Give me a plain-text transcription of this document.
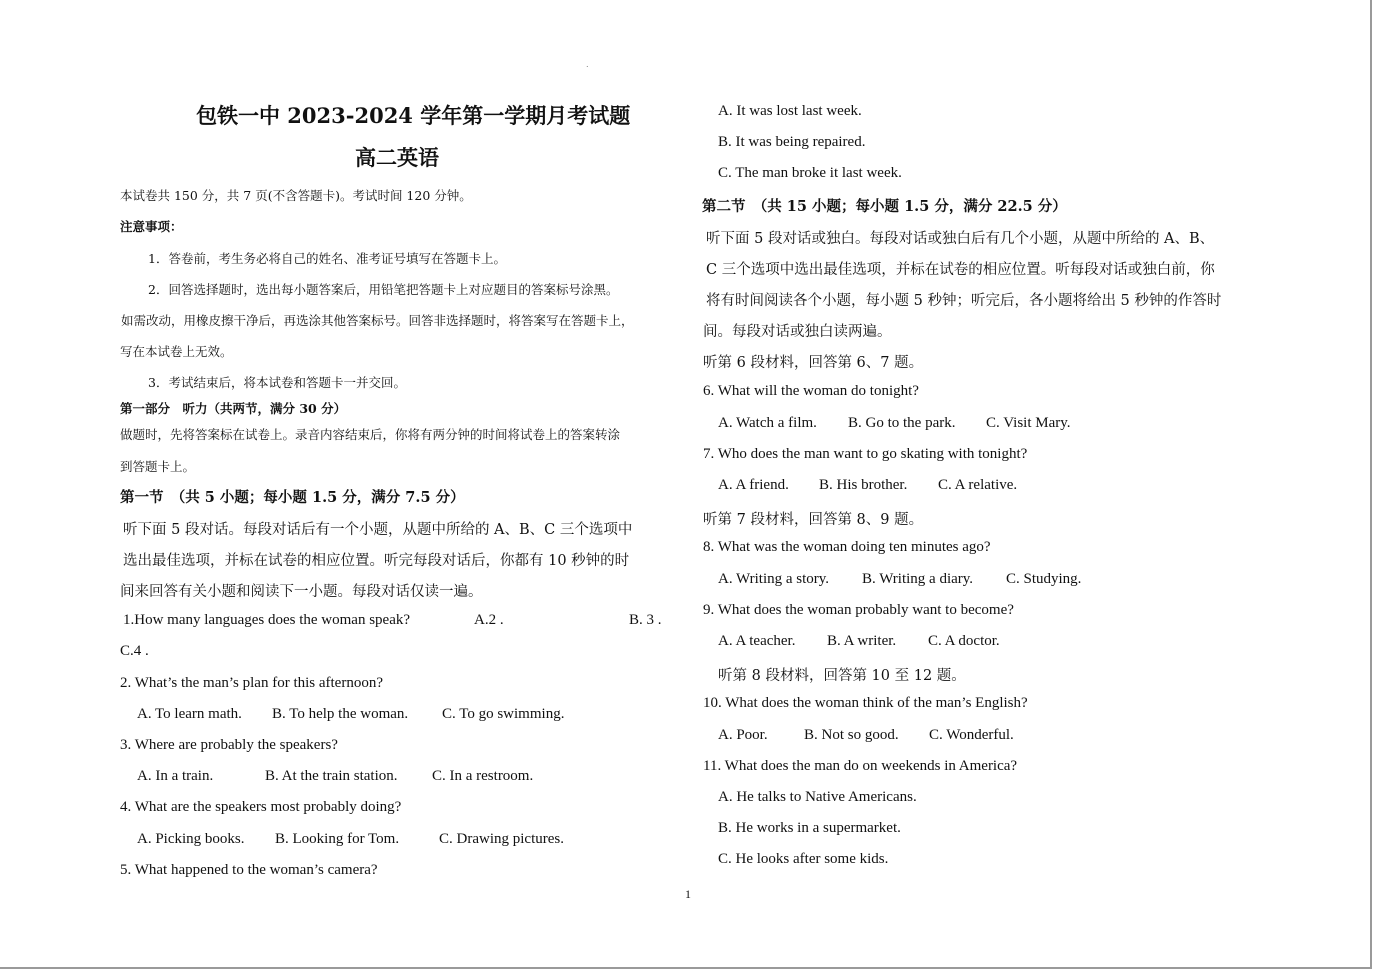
.
包铁一中 2023-2024 学年第一学期月考试题
高二英语
本试卷共 150 分，共 7 页(不含答题卡)。考试时间 120 分钟。
注意事项：
1．答卷前，考生务必将自己的姓名、准考证号填写在答题卡上。
2．回答选择题时，选出每小题答案后，用铅笔把答题卡上对应题目的答案标号涂黑。
如需改动，用橡皮擦干净后，再选涂其他答案标号。回答非选择题时，将答案写在答题卡上，
写在本试卷上无效。
3．考试结束后，将本试卷和答题卡一并交回。
第一部分　听力（共两节，满分 30 分）
做题时，先将答案标在试卷上。录音内容结束后，你将有两分钟的时间将试卷上的答案转涂
到答题卡上。
第一节　（共 5 小题；每小题 1.5 分，满分 7.5 分）
听下面 5 段对话。每段对话后有一个小题，从题中所给的 A、B、C 三个选项中
选出最佳选项，并标在试卷的相应位置。听完每段对话后，你都有 10 秒钟的时
间来回答有关小题和阅读下一小题。每段对话仅读一遍。
1.How many languages does the woman speak?	A.2 .	B. 3 .
C.4 .
2. What’s the man’s plan for this afternoon?
A. To learn math. B. To help the woman. C. To go swimming.
3. Where are probably the speakers?
A. In a train.	B. At the train station. C. In a restroom.
4. What are the speakers most probably doing?
A. Picking books. B. Looking for Tom.	C. Drawing pictures.
5. What happened to the woman’s camera?
A. It was lost last week.
B. It was being repaired.
C. The man broke it last week.
第二节　（共 15 小题；每小题 1.5 分，满分 22.5 分）
听下面 5 段对话或独白。每段对话或独白后有几个小题，从题中所给的 A、B、
C 三个选项中选出最佳选项，并标在试卷的相应位置。听每段对话或独白前，你
将有时间阅读各个小题，每小题 5 秒钟；听完后，各小题将给出 5 秒钟的作答时
间。每段对话或独白读两遍。
听第 6 段材料，回答第 6、7 题。
6. What will the woman do tonight?
A. Watch a film. B. Go to the park. C. Visit Mary.
7. Who does the man want to go skating with tonight?
A. A friend. B. His brother. C. A relative.
听第 7 段材料，回答第 8、9 题。
8. What was the woman doing ten minutes ago?
A. Writing a story. B. Writing a diary. C. Studying.
9. What does the woman probably want to become?
A. A teacher. B. A writer. C. A doctor.
听第 8 段材料，回答第 10 至 12 题。
10. What does the woman think of the man’s English?
A. Poor. B. Not so good. C. Wonderful.
11. What does the man do on weekends in America?
A. He talks to Native Americans.
B. He works in a supermarket.
C. He looks after some kids.
1
